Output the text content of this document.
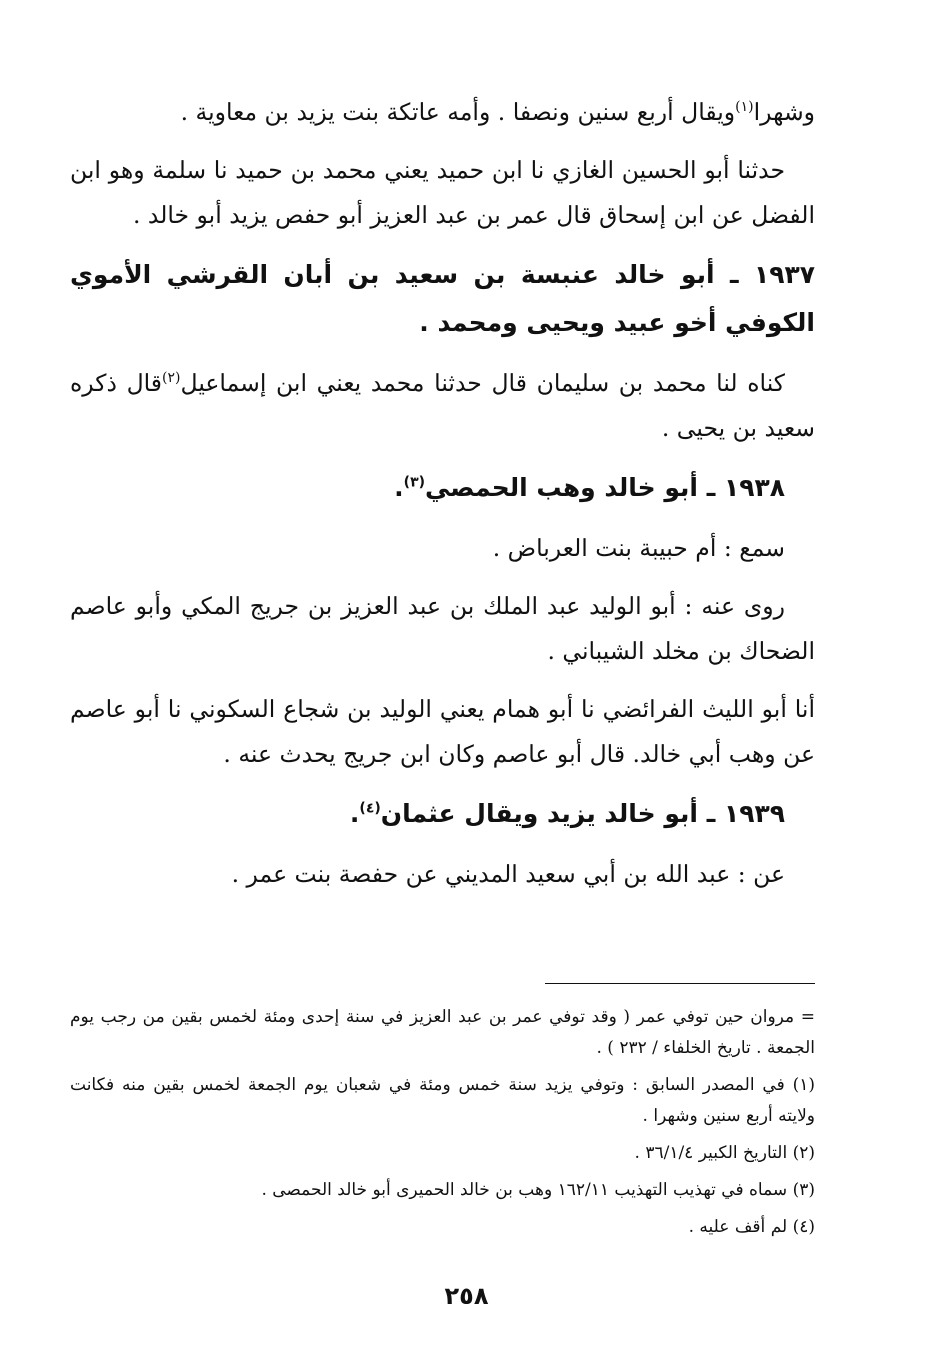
وشهرا$^{(١)}$ويقال أربع سنين ونصفا . وأمه عاتكة بنت يزيد بن معاوية .
حدثنا أبو الحسين الغازي نا ابن حميد يعني محمد بن حميد نا سلمة وهو ابن الفضل عن ابن إسحاق قال عمر بن عبد العزيز أبو حفص يزيد أبو خالد .
١٩٣٧ ـ أبو خالد عنبسة بن سعيد بن أبان القرشي الأموي الكوفي أخو عبيد ويحيى ومحمد .
كناه لنا محمد بن سليمان قال حدثنا محمد يعني ابن إسماعيل$^{(٢)}$قال ذكره سعيد بن يحيى .
١٩٣٨ ـ أبو خالد وهب الحمصي$^{(٣)}$.
سمع : أم حبيبة بنت العرباض .
روى عنه : أبو الوليد عبد الملك بن عبد العزيز بن جريج المكي وأبو عاصم الضحاك بن مخلد الشيباني .
أنا أبو الليث الفرائضي نا أبو همام يعني الوليد بن شجاع السكوني نا أبو عاصم عن وهب أبي خالد. قال أبو عاصم وكان ابن جريج يحدث عنه .
١٩٣٩ ـ أبو خالد يزيد ويقال عثمان$^{(٤)}$.
عن : عبد الله بن أبي سعيد المديني عن حفصة بنت عمر .
= مروان حين توفي عمر ( وقد توفي عمر بن عبد العزيز في سنة إحدى ومئة لخمس بقين من رجب يوم الجمعة . تاريخ الخلفاء / ٢٣٢ ) .
(١) في المصدر السابق : وتوفي يزيد سنة خمس ومئة في شعبان يوم الجمعة لخمس بقين منه فكانت ولايته أربع سنين وشهرا .
(٢) التاريخ الكبير ٣٦/١/٤ .
(٣) سماه في تهذيب التهذيب ١٦٢/١١ وهب بن خالد الحميرى أبو خالد الحمصى .
(٤) لم أقف عليه .
٢٥٨
